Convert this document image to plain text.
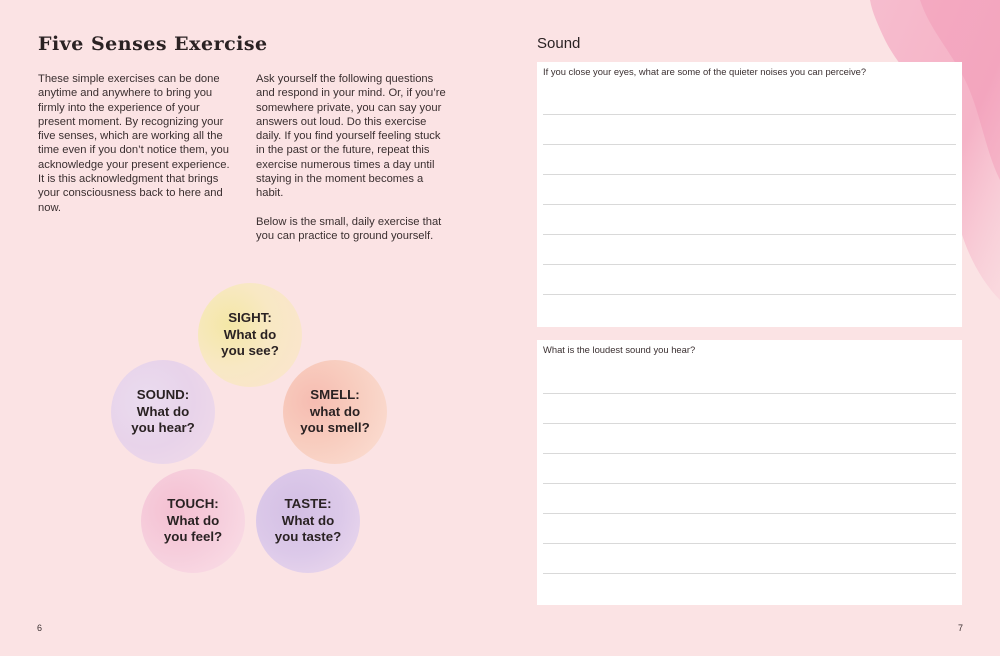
Five Senses Exercise

These simple exercises can be done anytime and anywhere to bring you firmly into the experience of your present moment. By recognizing your five senses, which are working all the time even if you don’t notice them, you acknowledge your present experience. It is this acknowledgment that brings your consciousness back to here and now.

Ask yourself the following questions and respond in your mind. Or, if you’re somewhere private, you can say your answers out loud. Do this exercise daily. If you find yourself feeling stuck in the past or the future, repeat this exercise numerous times a day until staying in the moment becomes a habit.

Below is the small, daily exercise that you can practice to ground yourself.

SIGHT:
What do
you see?
SOUND:
What do
you hear?
SMELL:
what do
you smell?
TOUCH:
What do
you feel?
TASTE:
What do
you taste?
6
Sound

If you close your eyes, what are some of the quieter noises you can perceive?

What is the loudest sound you hear?

7
